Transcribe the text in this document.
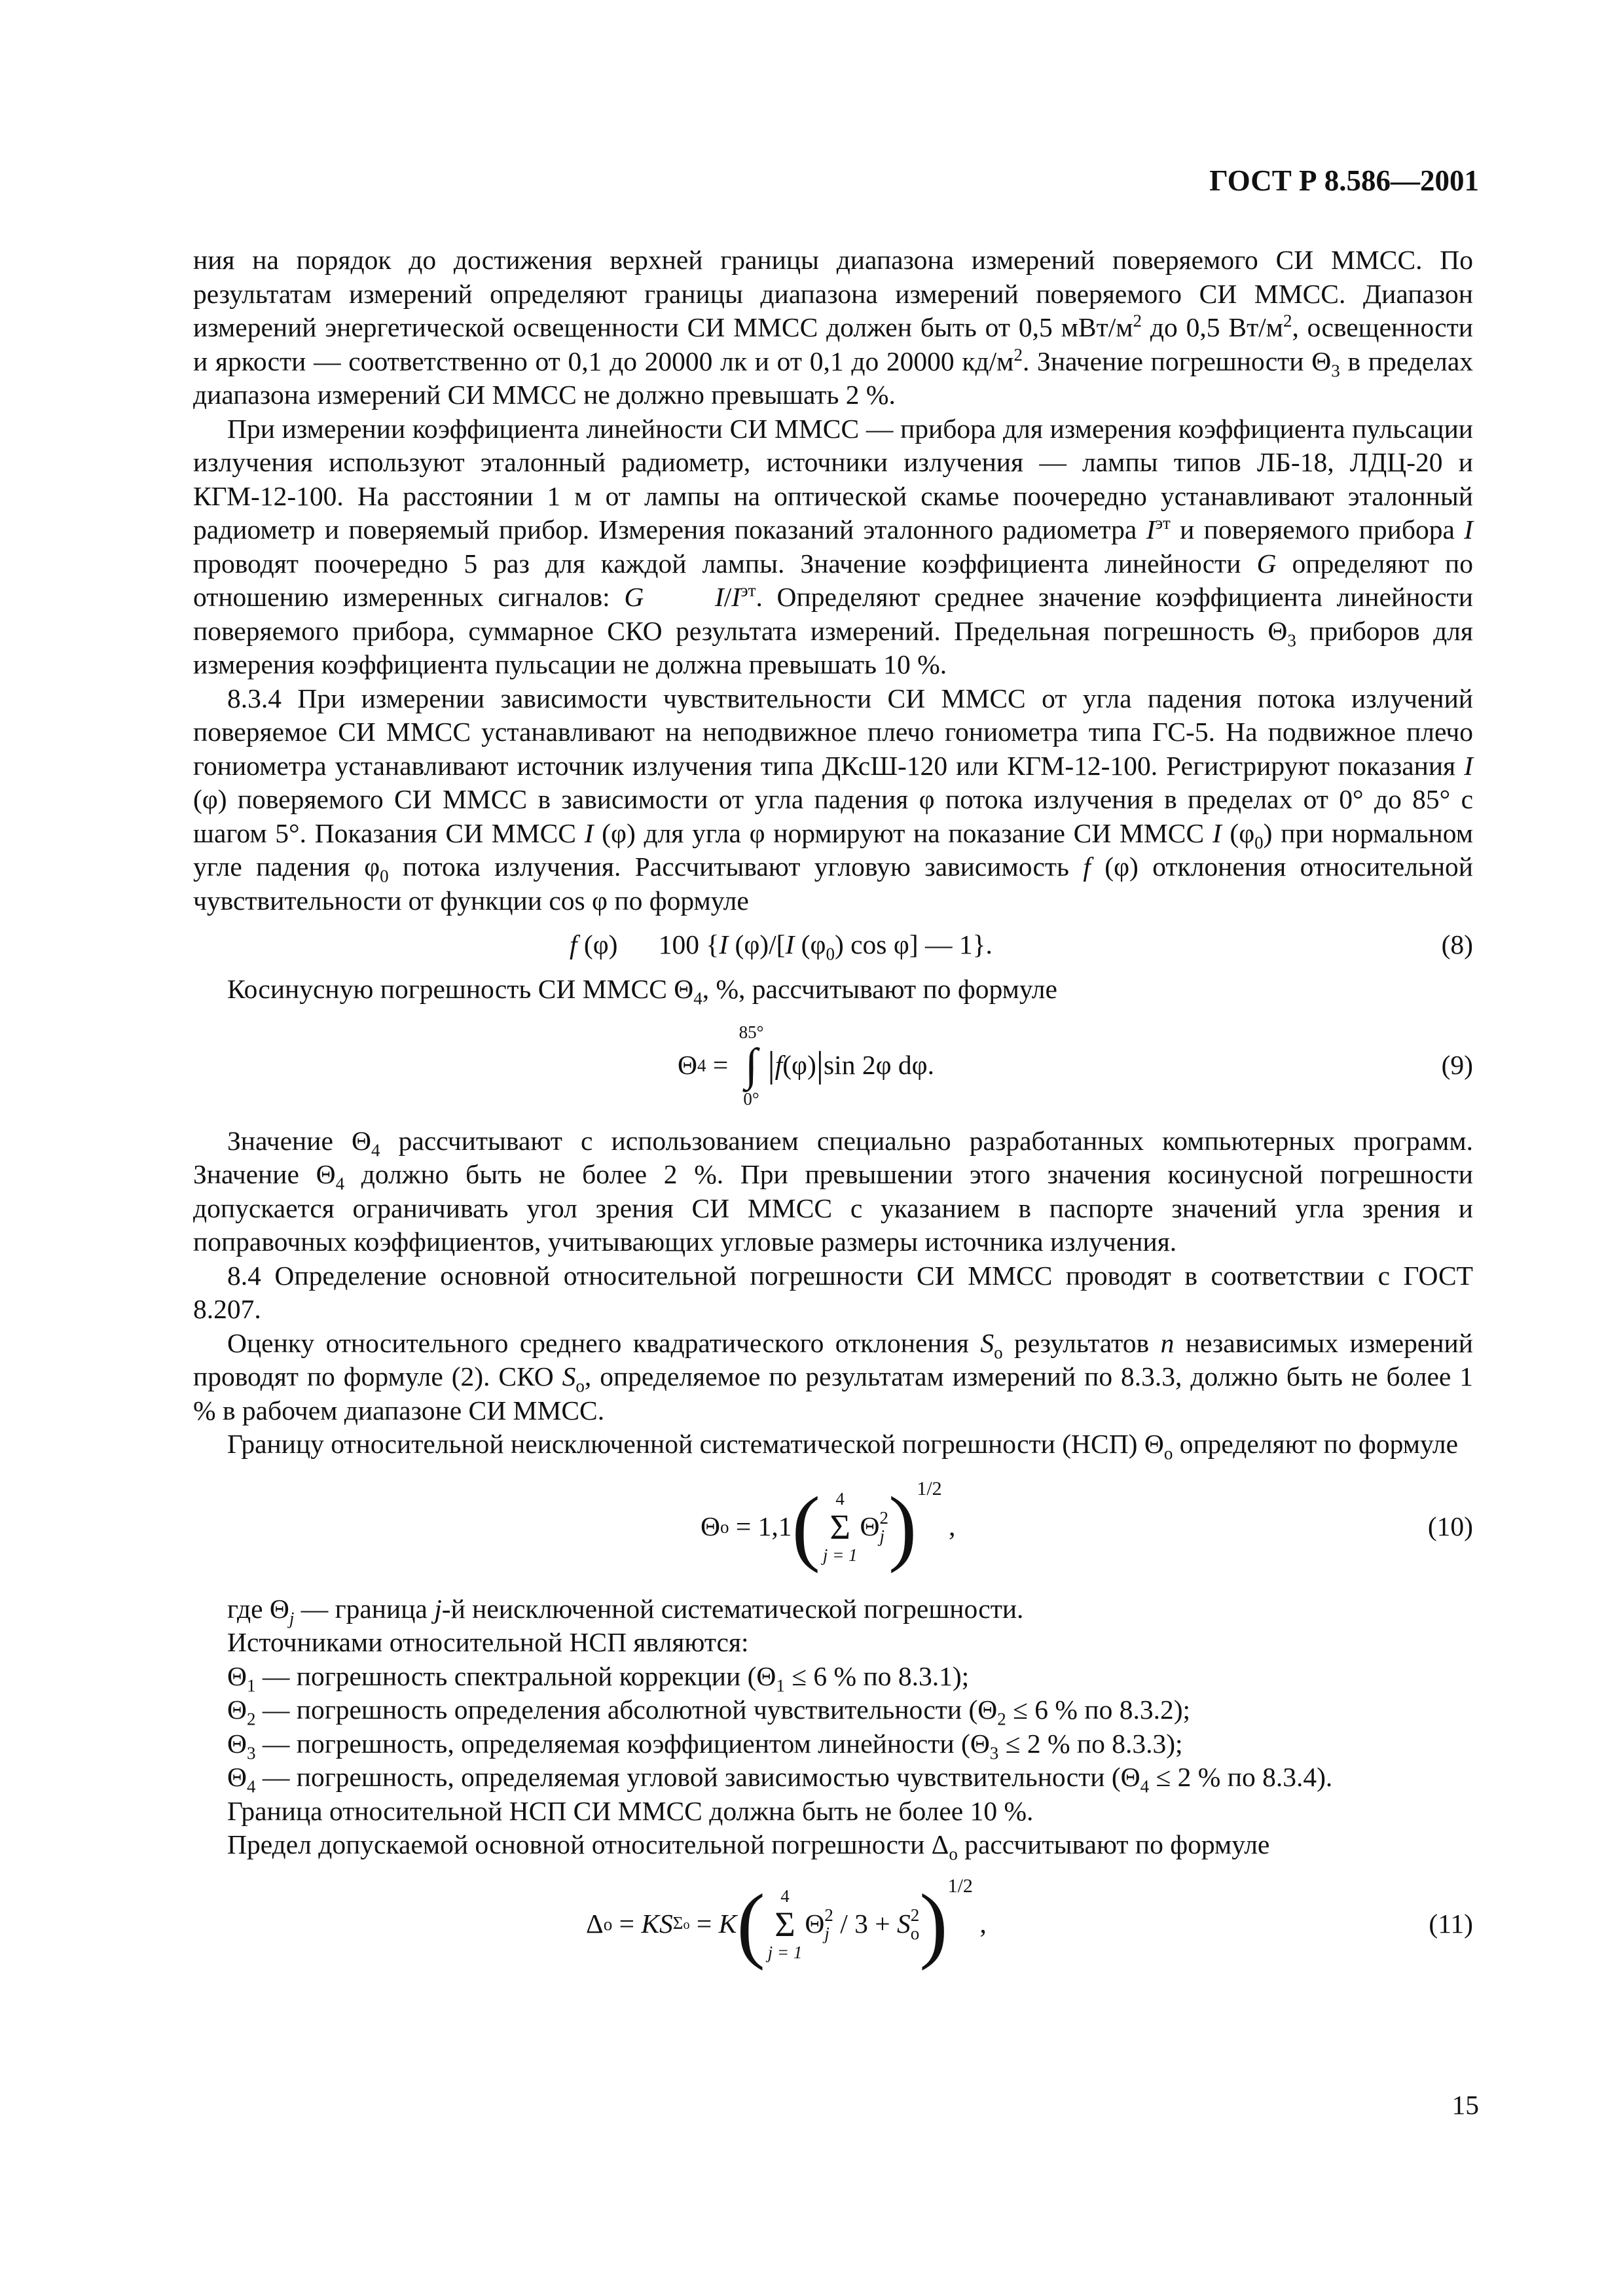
ГОСТ Р 8.586—2001

ния на порядок до достижения верхней границы диапазона измерений поверяемого СИ ММСС. По результатам измерений определяют границы диапазона измерений поверяемого СИ ММСС. Диапазон измерений энергетической освещенности СИ ММСС должен быть от 0,5 мВт/$м^2$ до 0,5 $Вт/м^2$, освещенности и яркости — соответственно от 0,1 до 20000 лк и от 0,1 до 20000 $кд/м^2$. Значение погрешности $\Theta_3$ в пределах диапазона измерений СИ ММСС не должно превышать 2 %.

При измерении коэффициента линейности СИ ММСС — прибора для измерения коэффициента пульсации излучения используют эталонный радиометр, источники излучения — лампы типов ЛБ-18, ЛДЦ-20 и КГМ-12-100. На расстоянии 1 м от лампы на оптической скамье поочередно устанавливают эталонный радиометр и поверяемый прибор. Измерения показаний эталонного радиометра $I^{эт}$ и поверяемого прибора I проводят поочередно 5 раз для каждой лампы. Значение коэффициента линейности G определяют по отношению измеренных сигналов: G	$I/I^{эт}$. Определяют среднее значение коэффициента линейности поверяемого прибора, суммарное СКО результата измерений. Предельная погрешность $\Theta_3$ приборов для измерения коэффициента пульсации не должна превышать 10 %.

8.3.4 При измерении зависимости чувствительности СИ ММСС от угла падения потока излучений поверяемое СИ ММСС устанавливают на неподвижное плечо гониометра типа ГС-5. На подвижное плечо гониометра устанавливают источник излучения типа ДКсШ-120 или КГМ-12-100. Регистрируют показания I (φ) поверяемого СИ ММСС в зависимости от угла падения φ потока излучения в пределах от 0° до 85° с шагом 5°. Показания СИ ММСС I (φ) для угла φ нормируют на показание СИ ММСС I $(\varphi_0)$ при нормальном угле падения $\varphi_0$ потока излучения. Рассчитывают угловую зависимость f (φ) отклонения относительной чувствительности от функции cos φ по формуле

f (φ)      100 {I (φ)/[I $(\varphi_0)$ cos φ] — 1}.	(8)

Косинусную погрешность СИ ММСС $\Theta_4$, %, рассчитывают по формуле

Θ 4 =
85°
∫
0°
| f (φ) | sin 2φ dφ.	(9)

Значение $\Theta_4$ рассчитывают с использованием специально разработанных компьютерных программ. Значение $\Theta_4$ должно быть не более 2 %. При превышении этого значения косинусной погрешности допускается ограничивать угол зрения СИ ММСС с указанием в паспорте значений угла зрения и поправочных коэффициентов, учитывающих угловые размеры источника излучения.

8.4 Определение основной относительной погрешности СИ ММСС проводят в соответствии с ГОСТ 8.207.

Оценку относительного среднего квадратического отклонения $S_o$ результатов n независимых измерений проводят по формуле (2). СКО $S_o$, определяемое по результатам измерений по 8.3.3, должно быть не более 1 % в рабочем диапазоне СИ ММСС.

Границу относительной неисключенной систематической погрешности (НСП) $\Theta_o$ определяют по формуле

Θ o = 1,1 ( 4
Σ
j = 1
Θ 2
j ) 1/2
,	(10)

где $\Theta_j$ — граница j-й неисключенной систематической погрешности.

Источниками относительной НСП являются:

$\Theta_1$ — погрешность спектральной коррекции ($\Theta_1 \le 6$ % по 8.3.1);

$\Theta_2$ — погрешность определения абсолютной чувствительности ($\Theta_2 \le 6$ % по 8.3.2);

$\Theta_3$ — погрешность, определяемая коэффициентом линейности ($\Theta_3 \le 2$ % по 8.3.3);

$\Theta_4$ — погрешность, определяемая угловой зависимостью чувствительности ($\Theta_4 \le 2$ % по 8.3.4).

Граница относительной НСП СИ ММСС должна быть не более 10 %.

Предел допускаемой основной относительной погрешности $\Delta_o$ рассчитывают по формуле

Δ o = KS Σo = K ( 4
Σ
j = 1
Θ 2
j / 3 + S 2
o ) 1/2
,	(11)
15
